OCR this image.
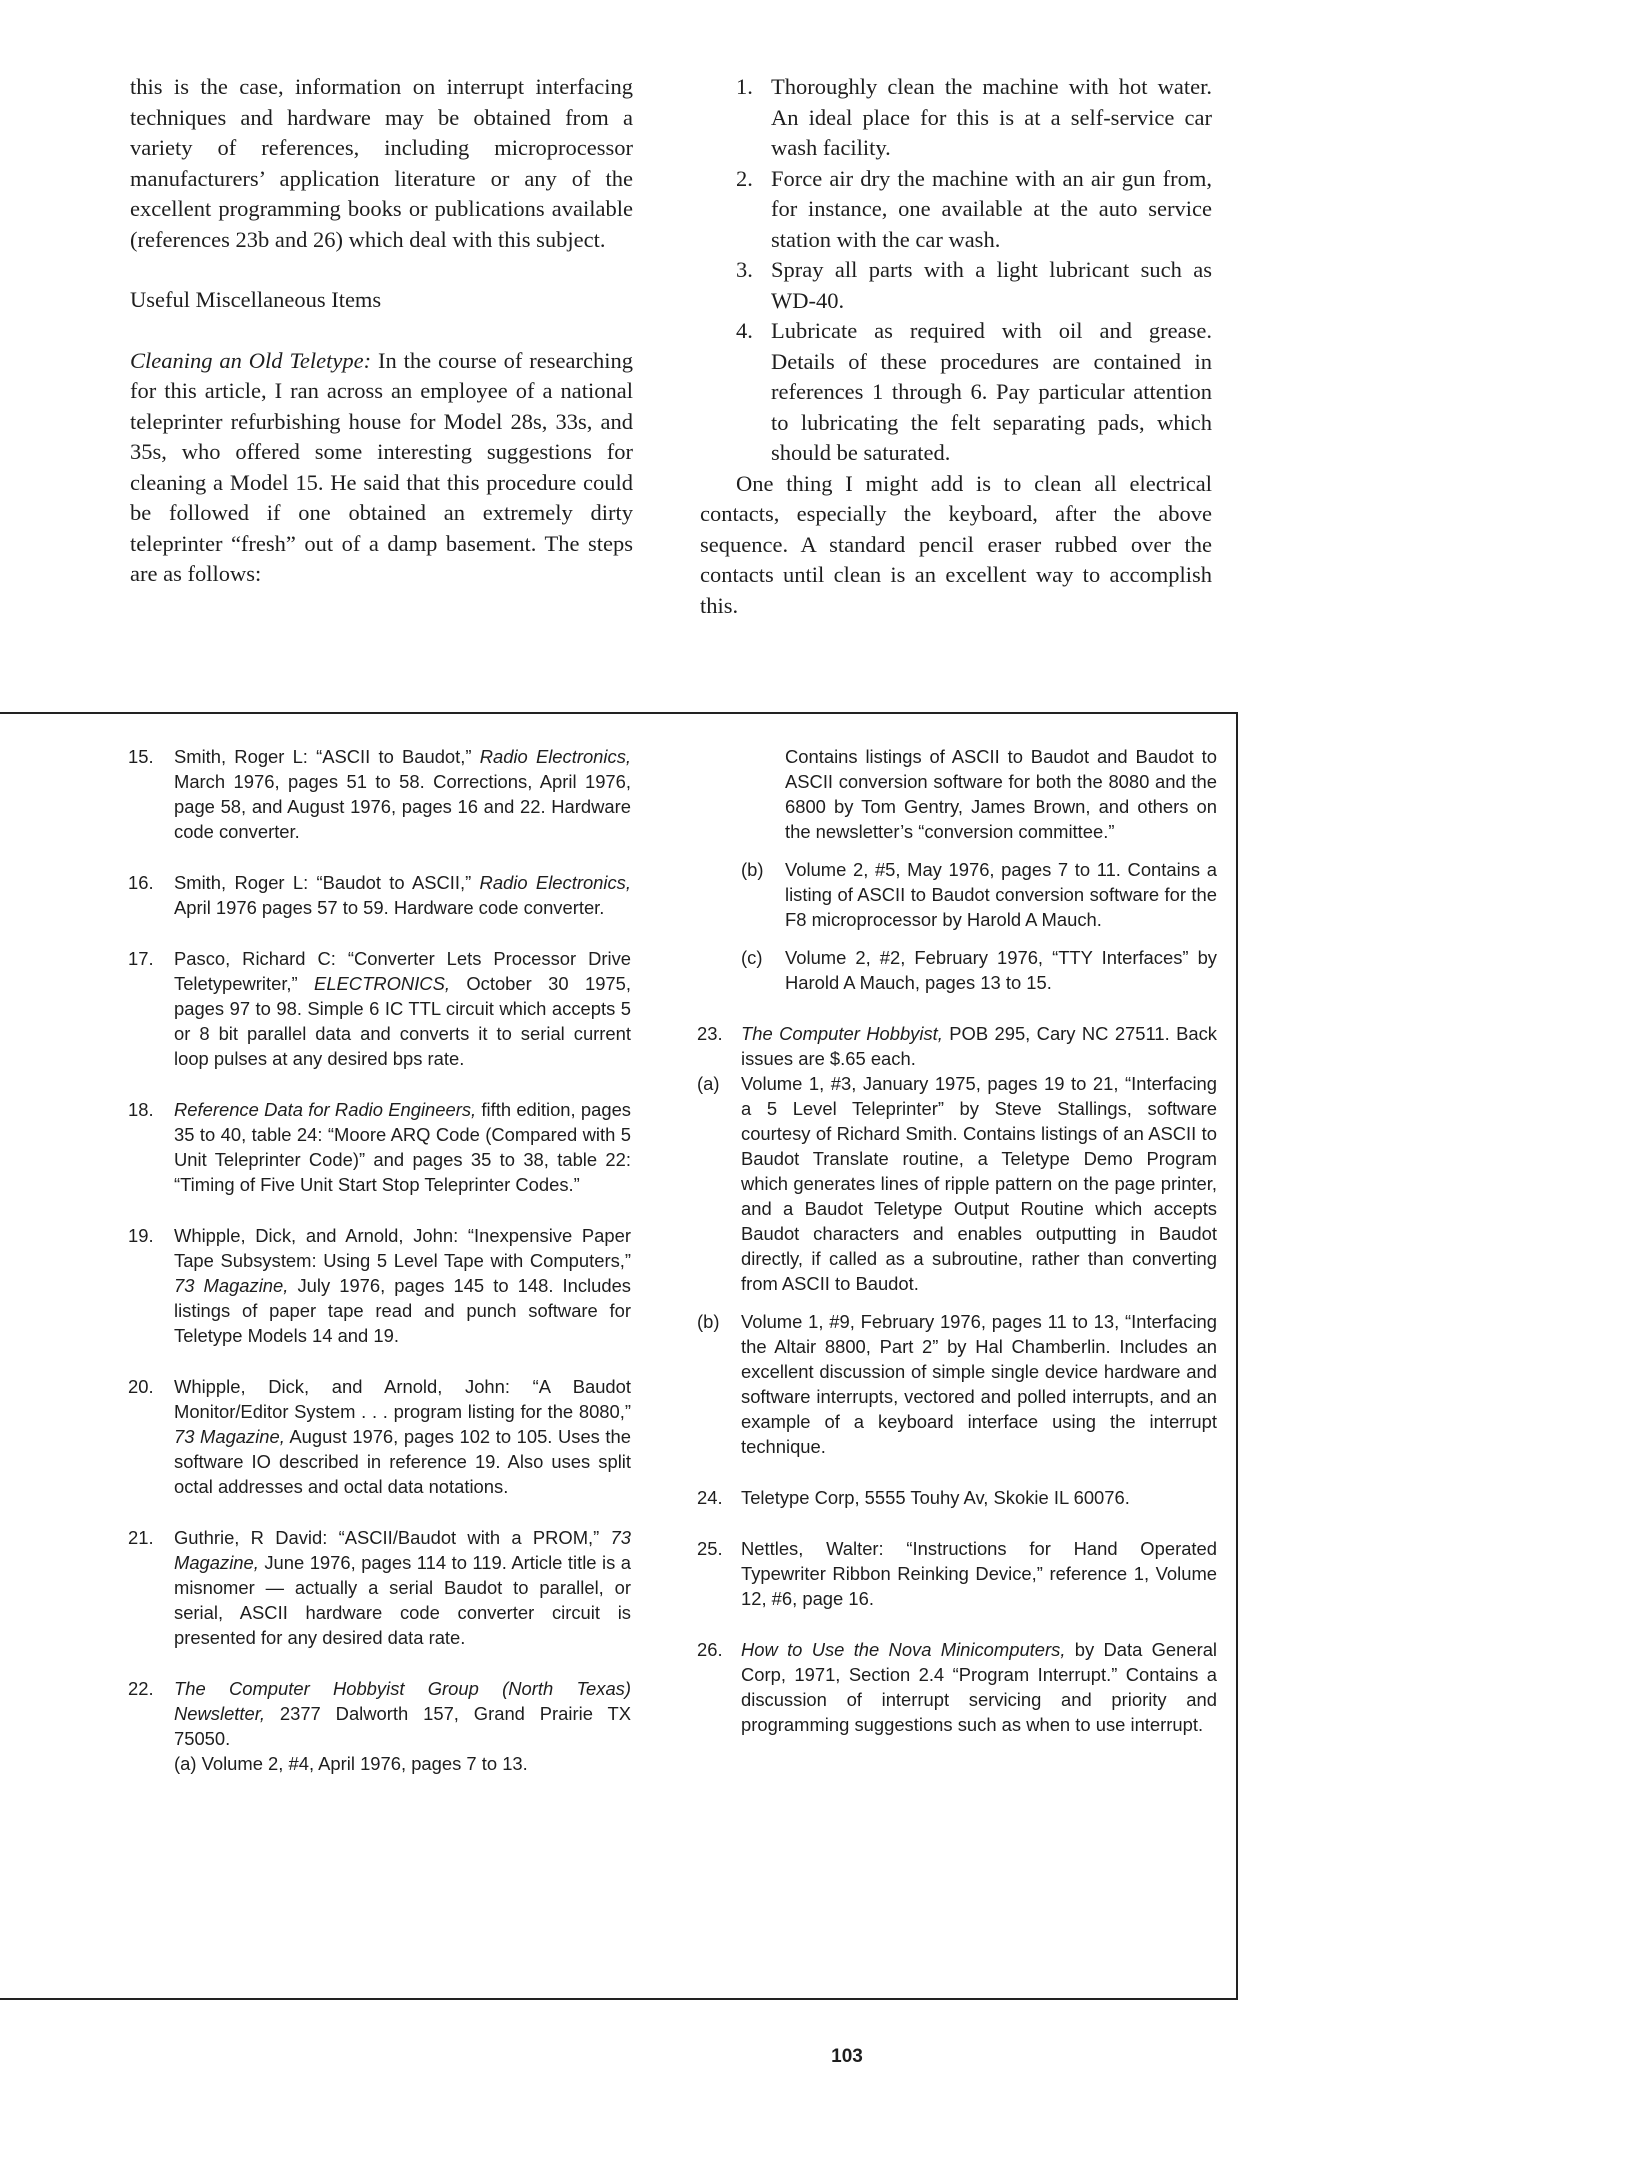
this is the case, information on interrupt interfacing techniques and hardware may be obtained from a variety of references, including microprocessor manufacturers’ application literature or any of the excellent programming books or publications available (references 23b and 26) which deal with this subject.

Useful Miscellaneous Items

Cleaning an Old Teletype: In the course of researching for this article, I ran across an employee of a national teleprinter refurbishing house for Model 28s, 33s, and 35s, who offered some interesting suggestions for cleaning a Model 15. He said that this procedure could be followed if one obtained an extremely dirty teleprinter “fresh” out of a damp basement. The steps are as follows:

1. Thoroughly clean the machine with hot water. An ideal place for this is at a self-service car wash facility.
2. Force air dry the machine with an air gun from, for instance, one available at the auto service station with the car wash.
3. Spray all parts with a light lubricant such as WD-40.
4. Lubricate as required with oil and grease. Details of these procedures are contained in references 1 through 6. Pay particular attention to lubricating the felt separating pads, which should be saturated.

One thing I might add is to clean all electrical contacts, especially the keyboard, after the above sequence. A standard pencil eraser rubbed over the contacts until clean is an excellent way to accomplish this.

15. Smith, Roger L: “ASCII to Baudot,” Radio Electronics, March 1976, pages 51 to 58. Corrections, April 1976, page 58, and August 1976, pages 16 and 22. Hardware code converter.
16. Smith, Roger L: “Baudot to ASCII,” Radio Electronics, April 1976 pages 57 to 59. Hardware code converter.
17. Pasco, Richard C: “Converter Lets Processor Drive Teletypewriter,” ELECTRONICS, October 30 1975, pages 97 to 98. Simple 6 IC TTL circuit which accepts 5 or 8 bit parallel data and converts it to serial current loop pulses at any desired bps rate.
18. Reference Data for Radio Engineers, fifth edition, pages 35 to 40, table 24: “Moore ARQ Code (Compared with 5 Unit Teleprinter Code)” and pages 35 to 38, table 22: “Timing of Five Unit Start Stop Teleprinter Codes.”
19. Whipple, Dick, and Arnold, John: “Inexpensive Paper Tape Subsystem: Using 5 Level Tape with Computers,” 73 Magazine, July 1976, pages 145 to 148. Includes listings of paper tape read and punch software for Teletype Models 14 and 19.
20. Whipple, Dick, and Arnold, John: “A Baudot Monitor/Editor System . . . program listing for the 8080,” 73 Magazine, August 1976, pages 102 to 105. Uses the software IO described in reference 19. Also uses split octal addresses and octal data notations.
21. Guthrie, R David: “ASCII/Baudot with a PROM,” 73 Magazine, June 1976, pages 114 to 119. Article title is a misnomer — actually a serial Baudot to parallel, or serial, ASCII hardware code converter circuit is presented for any desired data rate.
22. The Computer Hobbyist Group (North Texas) Newsletter, 2377 Dalworth 157, Grand Prairie TX 75050.
(a) Volume 2, #4, April 1976, pages 7 to 13.
Contains listings of ASCII to Baudot and Baudot to ASCII conversion software for both the 8080 and the 6800 by Tom Gentry, James Brown, and others on the newsletter’s “conversion committee.”
(b) Volume 2, #5, May 1976, pages 7 to 11. Contains a listing of ASCII to Baudot conversion software for the F8 microprocessor by Harold A Mauch.
(c) Volume 2, #2, February 1976, “TTY Interfaces” by Harold A Mauch, pages 13 to 15.
23. The Computer Hobbyist, POB 295, Cary NC 27511. Back issues are $.65 each.
(a) Volume 1, #3, January 1975, pages 19 to 21, “Interfacing a 5 Level Teleprinter” by Steve Stallings, software courtesy of Richard Smith. Contains listings of an ASCII to Baudot Translate routine, a Teletype Demo Program which generates lines of ripple pattern on the page printer, and a Baudot Teletype Output Routine which accepts Baudot characters and enables outputting in Baudot directly, if called as a subroutine, rather than converting from ASCII to Baudot.
(b) Volume 1, #9, February 1976, pages 11 to 13, “Interfacing the Altair 8800, Part 2” by Hal Chamberlin. Includes an excellent discussion of simple single device hardware and software interrupts, vectored and polled interrupts, and an example of a keyboard interface using the interrupt technique.
24. Teletype Corp, 5555 Touhy Av, Skokie IL 60076.
25. Nettles, Walter: “Instructions for Hand Operated Typewriter Ribbon Reinking Device,” reference 1, Volume 12, #6, page 16.
26. How to Use the Nova Minicomputers, by Data General Corp, 1971, Section 2.4 “Program Interrupt.” Contains a discussion of interrupt servicing and priority and programming suggestions such as when to use interrupt.
103
